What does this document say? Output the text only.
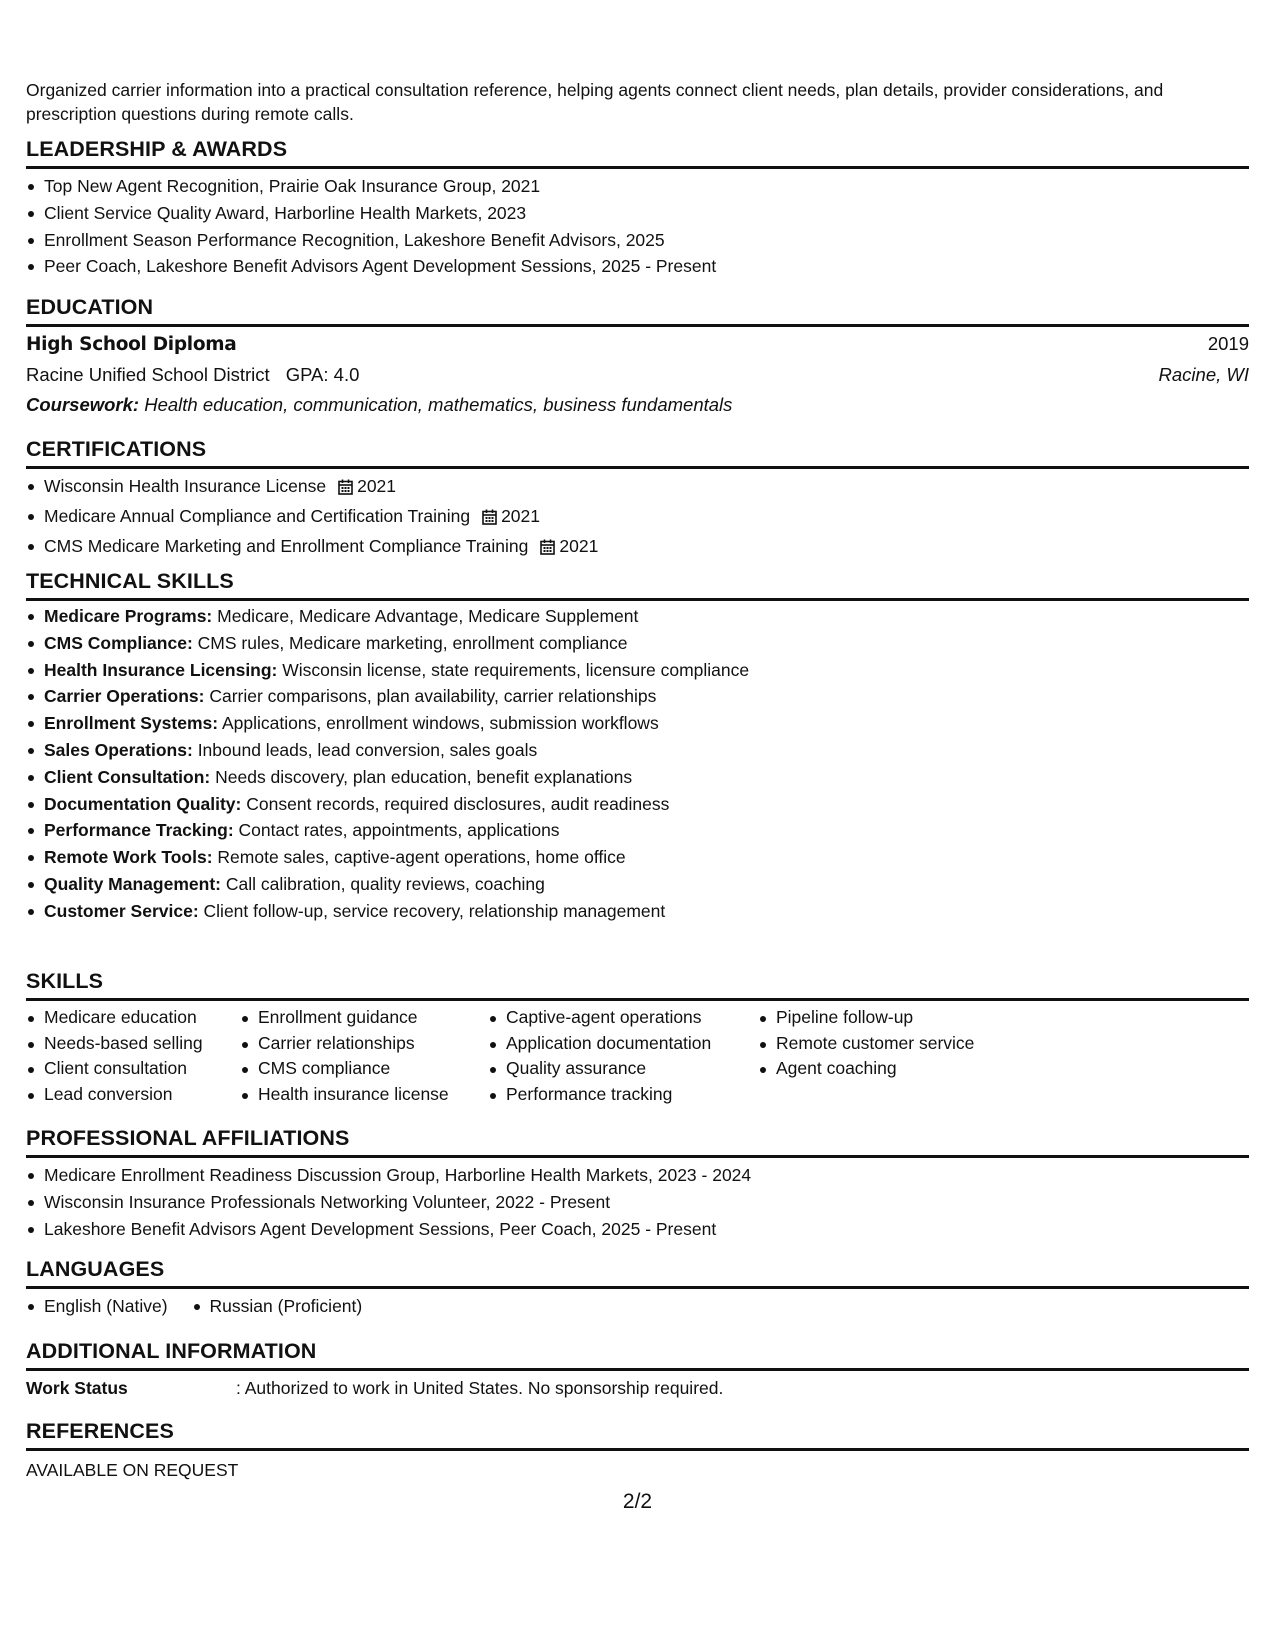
Organized carrier information into a practical consultation reference, helping agents connect client needs, plan details, provider considerations, and prescription questions during remote calls.

LEADERSHIP & AWARDS
Top New Agent Recognition, Prairie Oak Insurance Group, 2021
Client Service Quality Award, Harborline Health Markets, 2023
Enrollment Season Performance Recognition, Lakeshore Benefit Advisors, 2025
Peer Coach, Lakeshore Benefit Advisors Agent Development Sessions, 2025 - Present
EDUCATION
High School Diploma	2019
Racine Unified School District GPA: 4.0	Racine, WI
Coursework: Health education, communication, mathematics, business fundamentals
CERTIFICATIONS
Wisconsin Health Insurance License 2021
Medicare Annual Compliance and Certification Training 2021
CMS Medicare Marketing and Enrollment Compliance Training 2021
TECHNICAL SKILLS
Medicare Programs: Medicare, Medicare Advantage, Medicare Supplement
CMS Compliance: CMS rules, Medicare marketing, enrollment compliance
Health Insurance Licensing: Wisconsin license, state requirements, licensure compliance
Carrier Operations: Carrier comparisons, plan availability, carrier relationships
Enrollment Systems: Applications, enrollment windows, submission workflows
Sales Operations: Inbound leads, lead conversion, sales goals
Client Consultation: Needs discovery, plan education, benefit explanations
Documentation Quality: Consent records, required disclosures, audit readiness
Performance Tracking: Contact rates, appointments, applications
Remote Work Tools: Remote sales, captive-agent operations, home office
Quality Management: Call calibration, quality reviews, coaching
Customer Service: Client follow-up, service recovery, relationship management
SKILLS
Medicare education
Needs-based selling
Client consultation
Lead conversion
Enrollment guidance
Carrier relationships
CMS compliance
Health insurance license
Captive-agent operations
Application documentation
Quality assurance
Performance tracking
Pipeline follow-up
Remote customer service
Agent coaching
PROFESSIONAL AFFILIATIONS
Medicare Enrollment Readiness Discussion Group, Harborline Health Markets, 2023 - 2024
Wisconsin Insurance Professionals Networking Volunteer, 2022 - Present
Lakeshore Benefit Advisors Agent Development Sessions, Peer Coach, 2025 - Present
LANGUAGES
English (Native)	Russian (Proficient)
ADDITIONAL INFORMATION
Work Status	: Authorized to work in United States. No sponsorship required.
REFERENCES
AVAILABLE ON REQUEST
2/2
